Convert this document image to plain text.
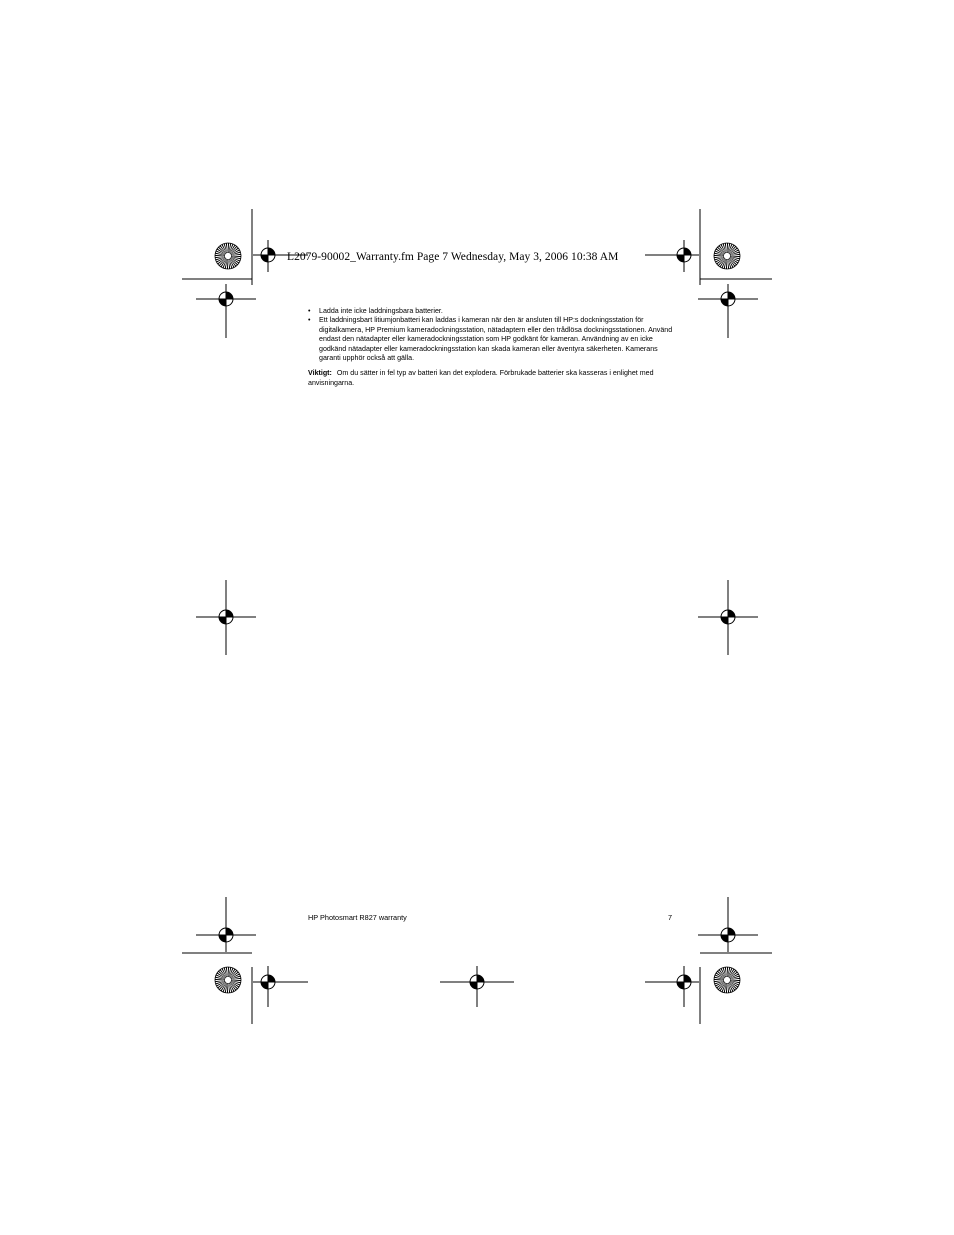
L2079-90002_Warranty.fm Page 7 Wednesday, May 3, 2006 10:38 AM
• Ladda inte icke laddningsbara batterier.
• Ett laddningsbart litiumjonbatteri kan laddas i kameran när den är ansluten till HP:s dockningsstation för digitalkamera, HP Premium kameradockningsstation, nätadaptern eller den trådlösa dockningsstationen. Använd endast den nätadapter eller kameradockningsstation som HP godkänt för kameran. Användning av en icke godkänd nätadapter eller kameradockningsstation kan skada kameran eller äventyra säkerheten. Kamerans garanti upphör också att gälla.
Viktigt: Om du sätter in fel typ av batteri kan det explodera. Förbrukade batterier ska kasseras i enlighet med anvisningarna.
HP Photosmart R827 warranty	7
